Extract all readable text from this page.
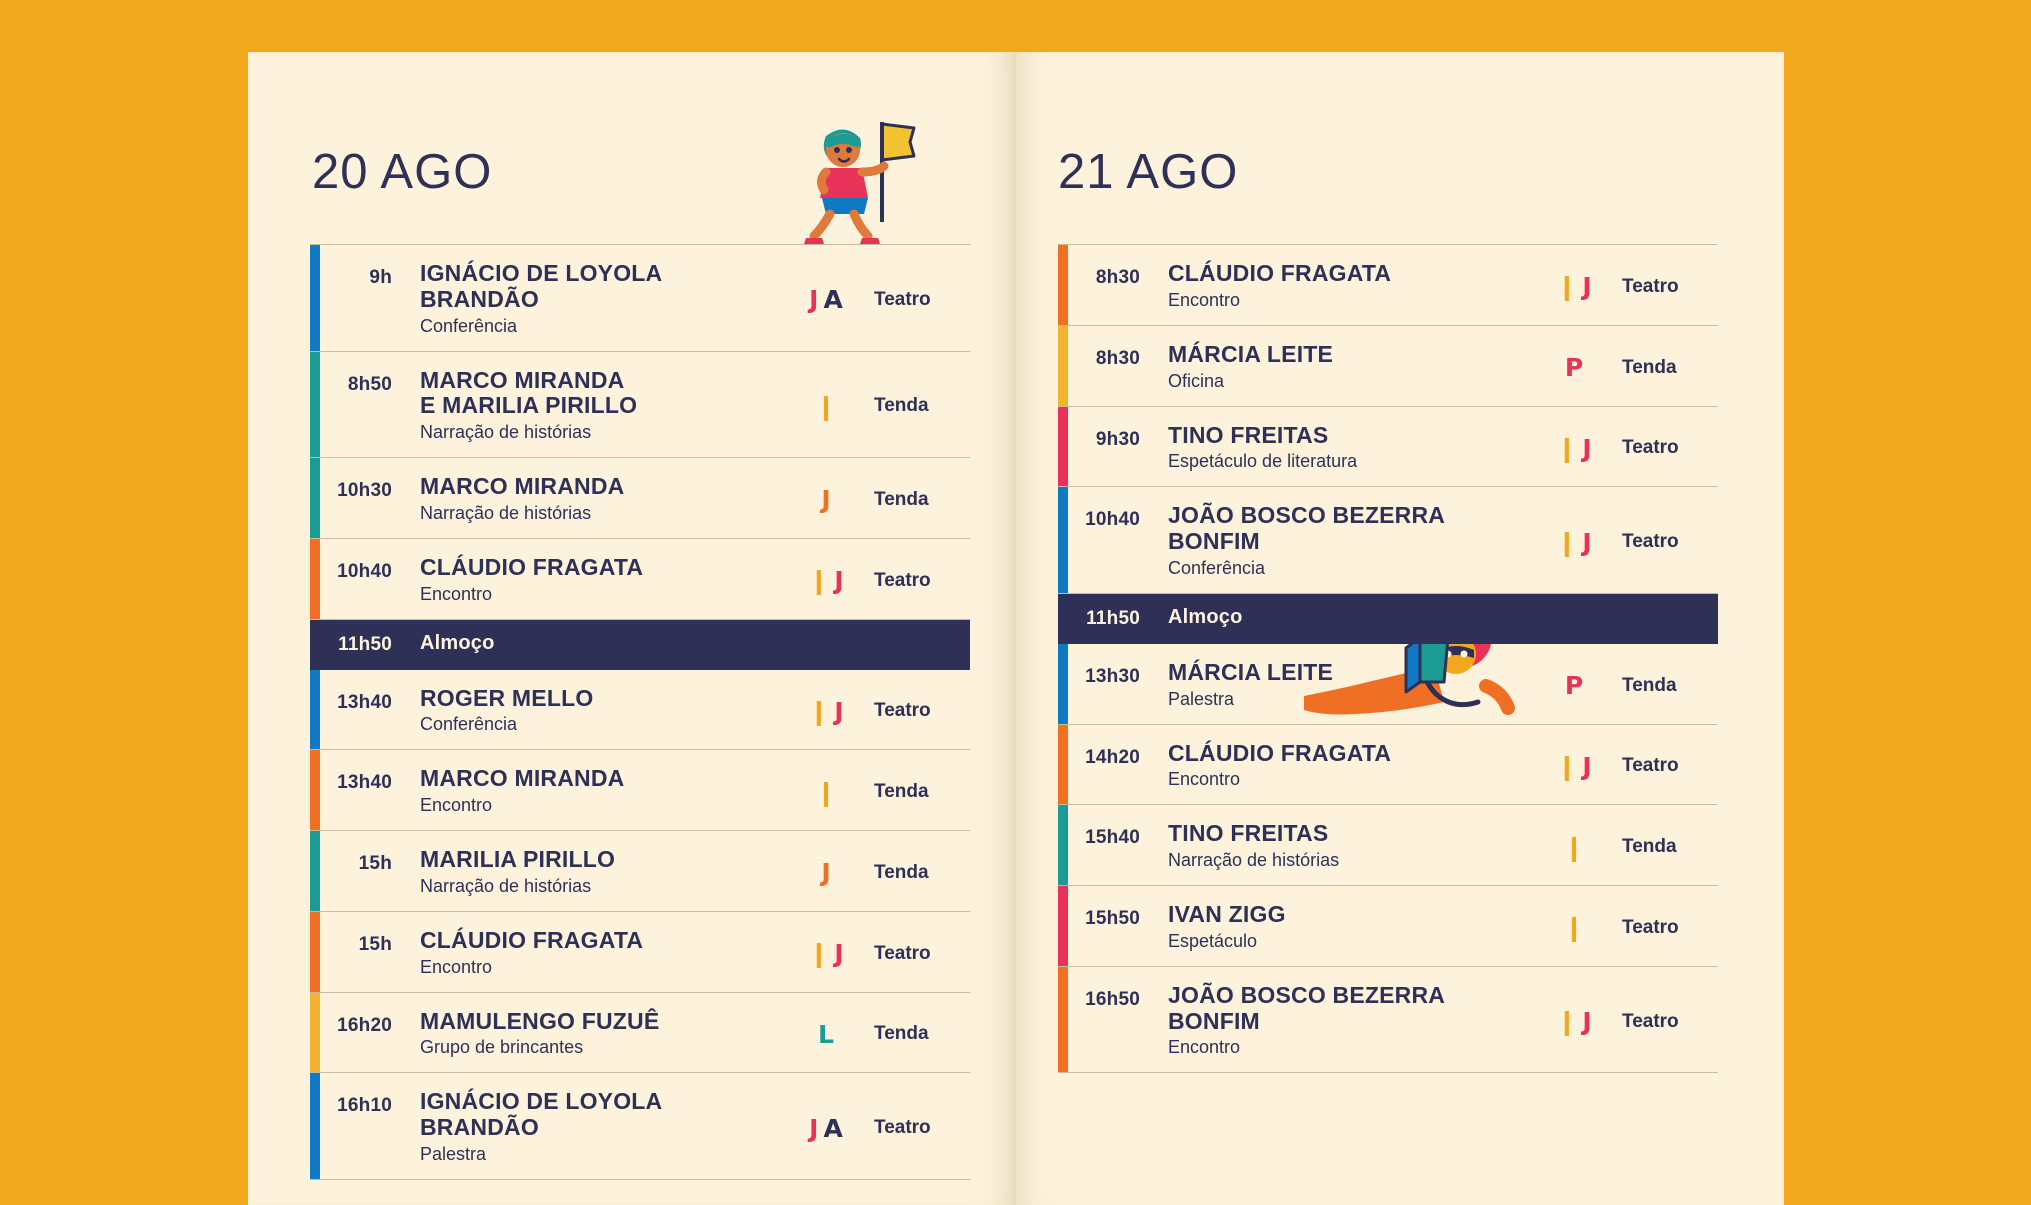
20 AGO
9h	IGNÁCIO DE LOYOLA BRANDÃO
Conferência
J A Teatro
8h50	MARCO MIRANDA
E MARILIA PIRILLO
Narração de histórias
❙ Tenda
10h30	MARCO MIRANDA
Narração de histórias	J Tenda
10h40	CLÁUDIO FRAGATA
Encontro	❙ J Teatro
11h50	Almoço
13h40	ROGER MELLO
Conferência	❙ J Teatro
13h40	MARCO MIRANDA
Encontro	❙ Tenda
15h	MARILIA PIRILLO
Narração de histórias	J Tenda
15h	CLÁUDIO FRAGATA
Encontro	❙ J Teatro
16h20	MAMULENGO FUZUÊ
Grupo de brincantes	L Tenda
16h10	IGNÁCIO DE LOYOLA BRANDÃO
Palestra
J A Teatro
21 AGO
8h30	CLÁUDIO FRAGATA
Encontro	❙ J Teatro
8h30	MÁRCIA LEITE
Oficina	P Tenda
9h30	TINO FREITAS
Espetáculo de literatura	❙ J Teatro
10h40	JOÃO BOSCO BEZERRA BONFIM
Conferência
❙ J Teatro
11h50	Almoço
13h30	MÁRCIA LEITE
Palestra	P Tenda
14h20	CLÁUDIO FRAGATA
Encontro	❙ J Teatro
15h40	TINO FREITAS
Narração de histórias	❙ Tenda
15h50	IVAN ZIGG
Espetáculo	❙ Teatro
16h50	JOÃO BOSCO BEZERRA BONFIM
Encontro
❙ J Teatro
